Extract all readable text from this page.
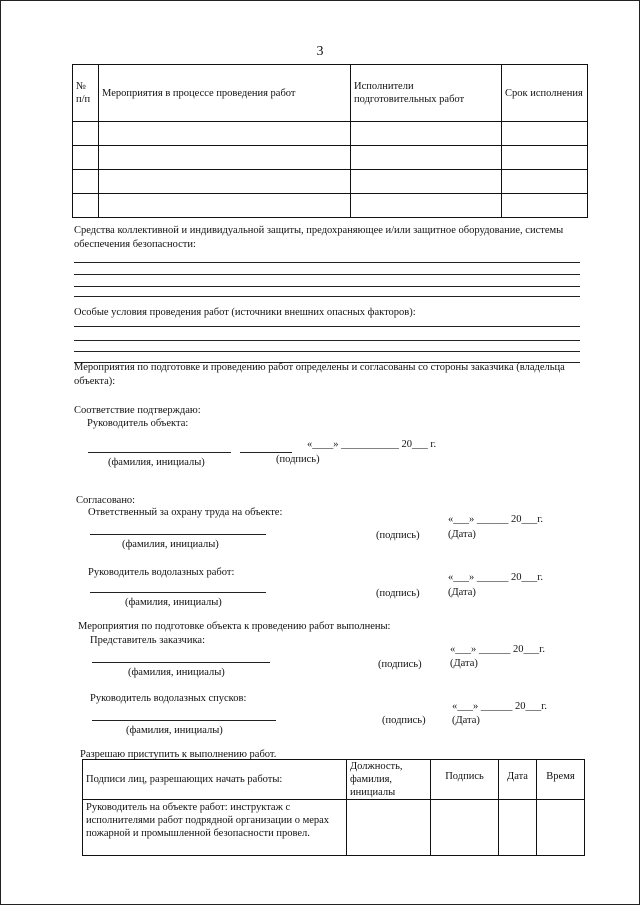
3
№ п/п	Мероприятия в процессе проведения работ	Исполнители подготовительных работ	Срок исполнения

Средства коллективной и индивидуальной защиты, предохраняющее и/или защитное оборудование, системы обеспечения безопасности:
Особые условия проведения работ (источники внешних опасных факторов):
Мероприятия по подготовке и проведению работ определены и согласованы со стороны заказчика (владельца объекта):
Соответствие подтверждаю:
Руководитель объекта:
«____» ___________ 20___ г.
(фамилия, инициалы)	(подпись)
Согласовано:
Ответственный за охрану труда на объекте:
«___» ______ 20___г.
(подпись)	(Дата)
(фамилия, инициалы)
Руководитель водолазных работ:	«___» ______ 20___г.
(подпись)	(Дата)
(фамилия, инициалы)
Мероприятия по подготовке объекта к проведению работ выполнены:
Представитель заказчика:
«___» ______ 20___г.
(подпись)	(Дата)
(фамилия, инициалы)
Руководитель водолазных спусков:
«___» ______ 20___г.
(подпись)	(Дата)
(фамилия, инициалы)
Разрешаю приступить к выполнению работ.
Подписи лиц, разрешающих начать работы:	Должность, фамилия, инициалы	Подпись	Дата	Время
Руководитель на объекте работ: инструктаж с исполнителями работ подрядной организации о мерах пожарной и промышленной безопасности провел.				
